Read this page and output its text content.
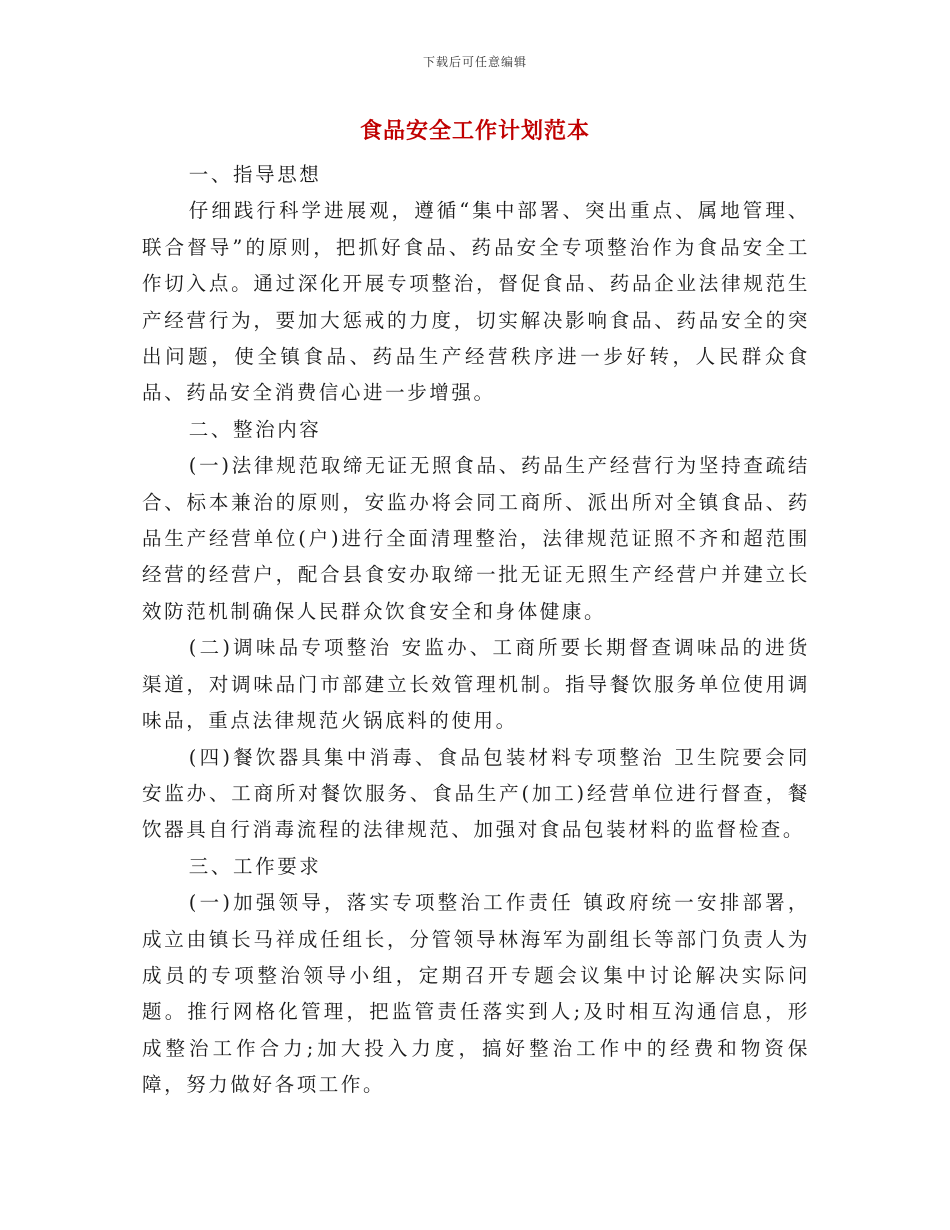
下载后可任意编辑
食品安全工作计划范本

一、指导思想

仔细践行科学进展观，遵循“集中部署、突出重点、属地管理、联合督导”的原则，把抓好食品、药品安全专项整治作为食品安全工作切入点。通过深化开展专项整治，督促食品、药品企业法律规范生产经营行为，要加大惩戒的力度，切实解决影响食品、药品安全的突出问题，使全镇食品、药品生产经营秩序进一步好转，人民群众食品、药品安全消费信心进一步增强。

二、整治内容

(一)法律规范取缔无证无照食品、药品生产经营行为坚持查疏结合、标本兼治的原则，安监办将会同工商所、派出所对全镇食品、药品生产经营单位(户)进行全面清理整治，法律规范证照不齐和超范围经营的经营户，配合县食安办取缔一批无证无照生产经营户并建立长效防范机制确保人民群众饮食安全和身体健康。

(二)调味品专项整治 安监办、工商所要长期督查调味品的进货渠道，对调味品门市部建立长效管理机制。指导餐饮服务单位使用调味品，重点法律规范火锅底料的使用。

(四)餐饮器具集中消毒、食品包装材料专项整治 卫生院要会同安监办、工商所对餐饮服务、食品生产(加工)经营单位进行督查，餐饮器具自行消毒流程的法律规范、加强对食品包装材料的监督检查。

三、工作要求

(一)加强领导，落实专项整治工作责任 镇政府统一安排部署，成立由镇长马祥成任组长，分管领导林海军为副组长等部门负责人为成员的专项整治领导小组，定期召开专题会议集中讨论解决实际问题。推行网格化管理，把监管责任落实到人;及时相互沟通信息，形成整治工作合力;加大投入力度，搞好整治工作中的经费和物资保障，努力做好各项工作。
